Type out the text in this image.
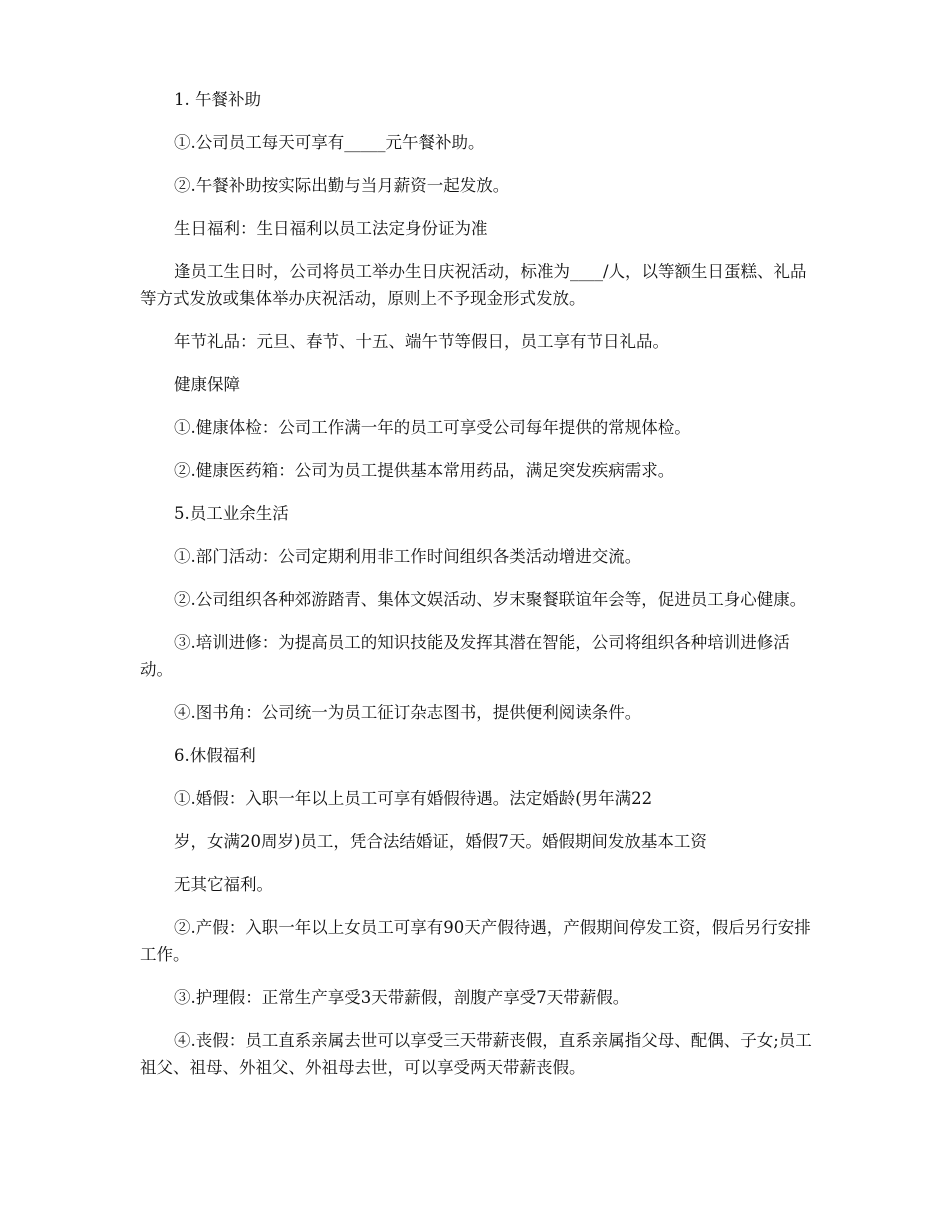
1. 午餐补助

①.公司员工每天可享有_____元午餐补助。

②.午餐补助按实际出勤与当月薪资一起发放。

生日福利：生日福利以员工法定身份证为准

逢员工生日时，公司将员工举办生日庆祝活动，标准为____/人，以等额生日蛋糕、礼品等方式发放或集体举办庆祝活动，原则上不予现金形式发放。

年节礼品：元旦、春节、十五、端午节等假日，员工享有节日礼品。

健康保障

①.健康体检：公司工作满一年的员工可享受公司每年提供的常规体检。

②.健康医药箱：公司为员工提供基本常用药品，满足突发疾病需求。

5.员工业余生活

①.部门活动：公司定期利用非工作时间组织各类活动增进交流。

②.公司组织各种郊游踏青、集体文娱活动、岁末聚餐联谊年会等，促进员工身心健康。

③.培训进修：为提高员工的知识技能及发挥其潜在智能，公司将组织各种培训进修活动。

④.图书角：公司统一为员工征订杂志图书，提供便利阅读条件。

6.休假福利

①.婚假：入职一年以上员工可享有婚假待遇。法定婚龄(男年满22

岁，女满20周岁)员工，凭合法结婚证，婚假7天。婚假期间发放基本工资

无其它福利。

②.产假：入职一年以上女员工可享有90天产假待遇，产假期间停发工资，假后另行安排工作。

③.护理假：正常生产享受3天带薪假，剖腹产享受7天带薪假。

④.丧假：员工直系亲属去世可以享受三天带薪丧假，直系亲属指父母、配偶、子女;员工祖父、祖母、外祖父、外祖母去世，可以享受两天带薪丧假。
